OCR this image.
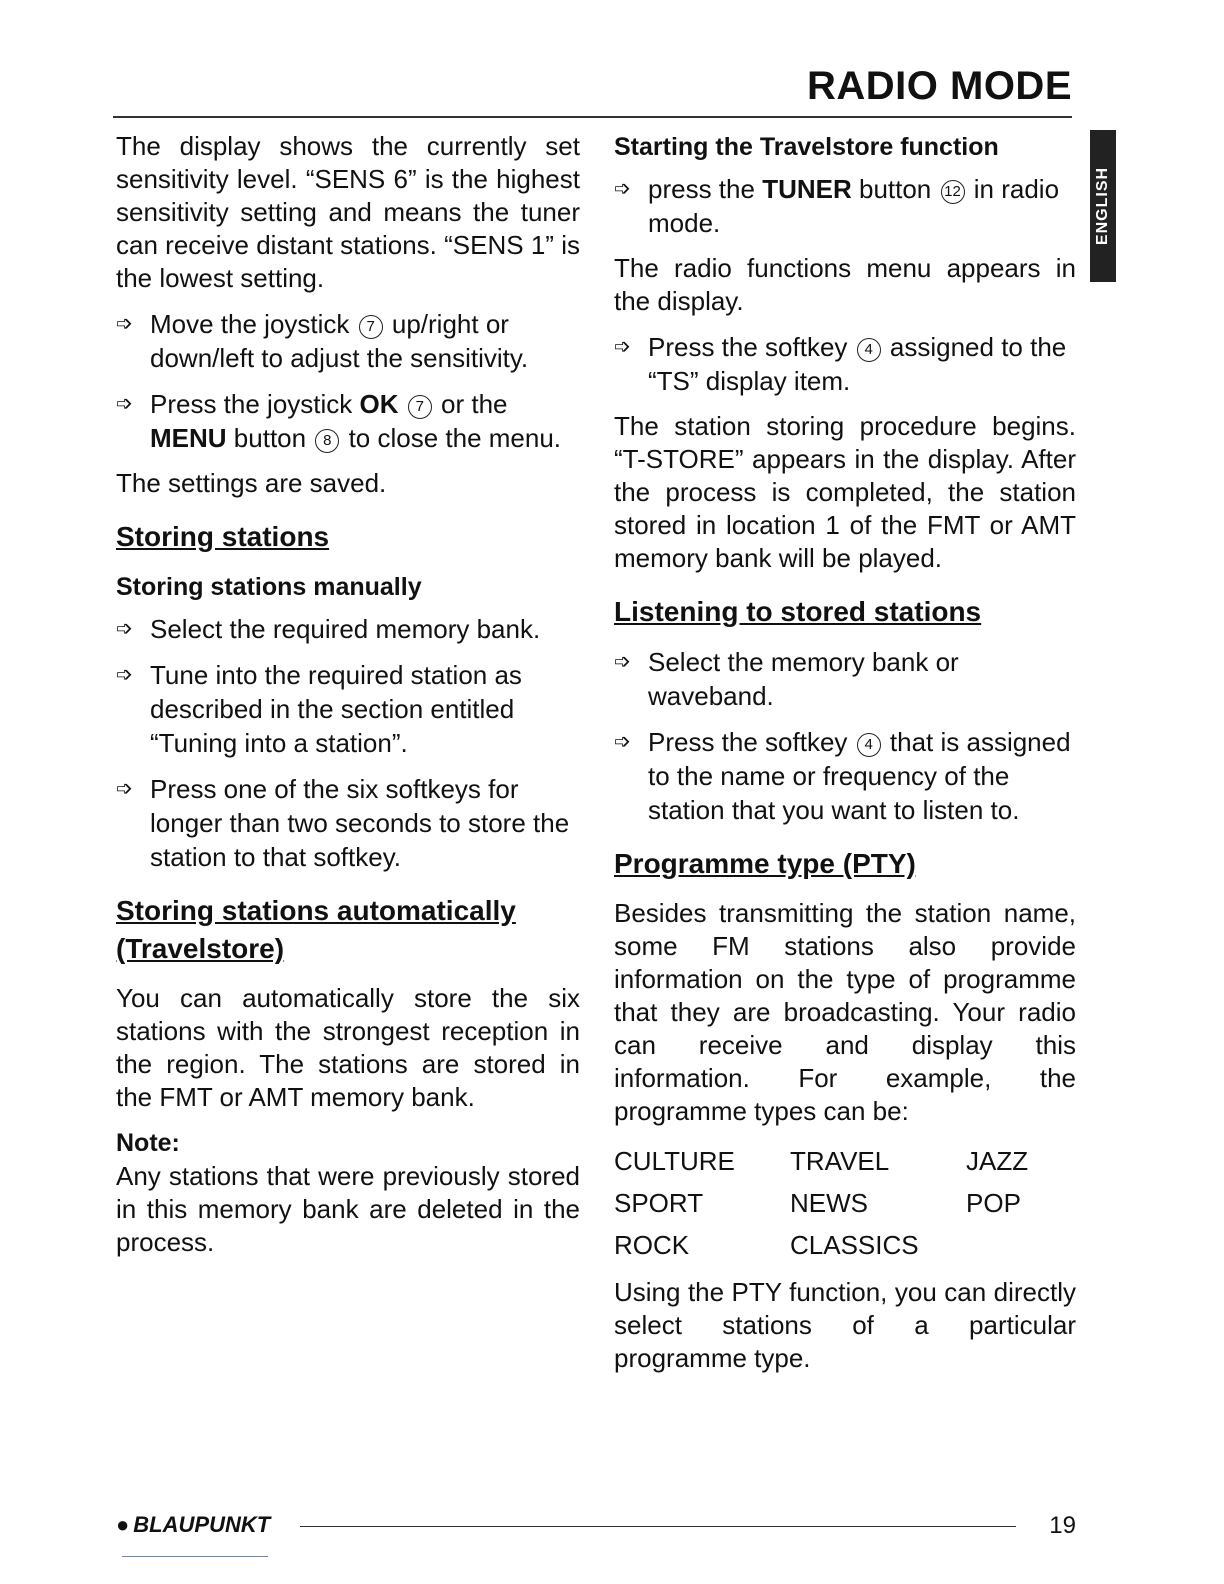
RADIO MODE
ENGLISH

The display shows the currently set sensitivity level. “SENS 6” is the highest sensitivity setting and means the tuner can receive distant stations. “SENS 1” is the lowest setting.

➩ Move the joystick 7 up/right or down/left to adjust the sensitivity.
➩ Press the joystick OK 7 or the MENU button 8 to close the menu.

The settings are saved.

Storing stations
Storing stations manually
➩ Select the required memory bank.
➩ Tune into the required station as described in the section entitled “Tuning into a station”.
➩ Press one of the six softkeys for longer than two seconds to store the station to that softkey.
Storing stations automatically (Travelstore)

You can automatically store the six stations with the strongest reception in the region. The stations are stored in the FMT or AMT memory bank.

Note:

Any stations that were previously stored in this memory bank are deleted in the process.

Starting the Travelstore function
➩ press the TUNER button 12 in radio mode.

The radio functions menu appears in the display.

➩ Press the softkey 4 assigned to the “TS” display item.

The station storing procedure begins. “T-STORE” appears in the display. After the process is completed, the station stored in location 1 of the FMT or AMT memory bank will be played.

Listening to stored stations
➩ Select the memory bank or waveband.
➩ Press the softkey 4 that is assigned to the name or frequency of the station that you want to listen to.
Programme type (PTY)

Besides transmitting the station name, some FM stations also provide information on the type of programme that they are broadcasting. Your radio can receive and display this information. For example, the programme types can be:

CULTURE	TRAVEL	JAZZ
SPORT	NEWS	POP
ROCK	CLASSICS	

Using the PTY function, you can directly select stations of a particular programme type.

● BLAUPUNKT	19
